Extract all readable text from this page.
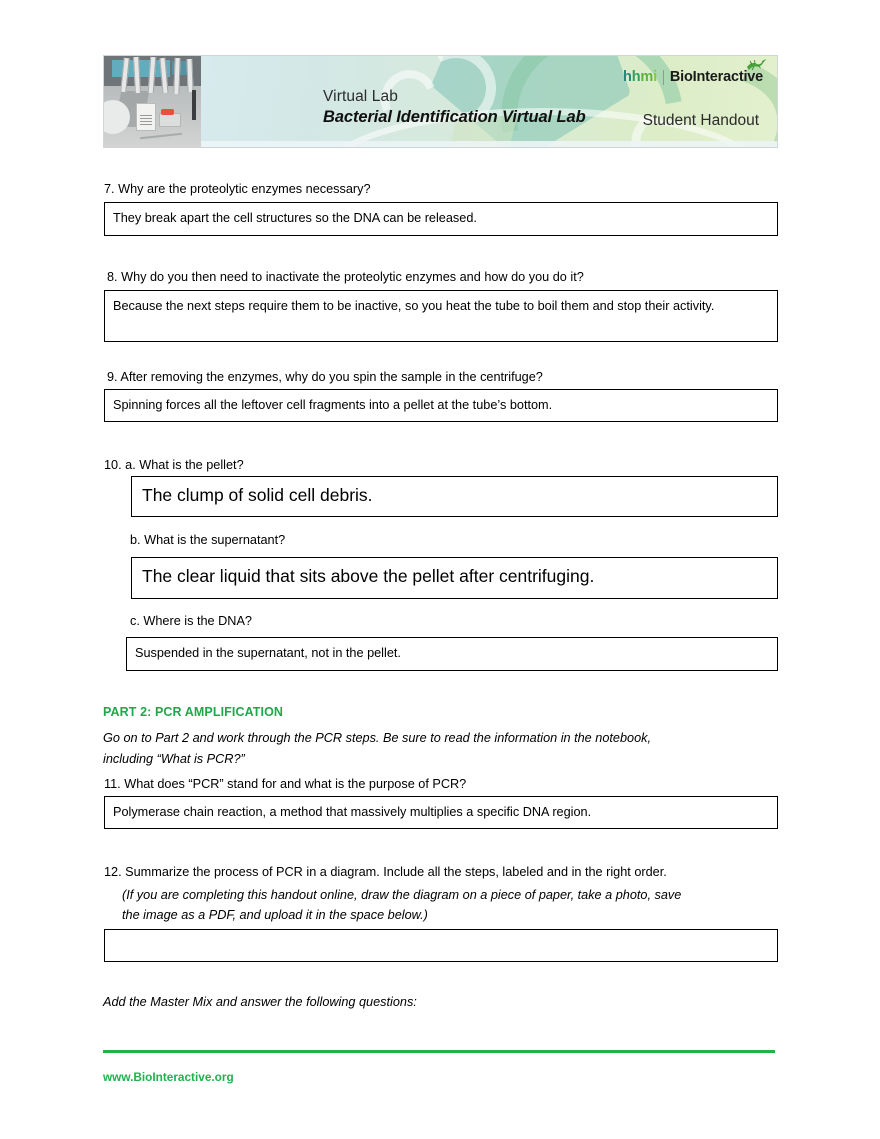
Virtual Lab
Bacterial Identification Virtual Lab	Student Handout
h h m i BioInteractive
7. Why are the proteolytic enzymes necessary?
They break apart the cell structures so the DNA can be released.
8. Why do you then need to inactivate the proteolytic enzymes and how do you do it?
Because the next steps require them to be inactive, so you heat the tube to boil them and stop their activity.
9. After removing the enzymes, why do you spin the sample in the centrifuge?
Spinning forces all the leftover cell fragments into a pellet at the tube’s bottom.
10. a. What is the pellet?
The clump of solid cell debris.
b. What is the supernatant?
The clear liquid that sits above the pellet after centrifuging.
c. Where is the DNA?
Suspended in the supernatant, not in the pellet.
PART 2: PCR AMPLIFICATION
Go on to Part 2 and work through the PCR steps. Be sure to read the information in the notebook,
including “What is PCR?”
11. What does “PCR” stand for and what is the purpose of PCR?
Polymerase chain reaction, a method that massively multiplies a specific DNA region.
12. Summarize the process of PCR in a diagram. Include all the steps, labeled and in the right order.
(If you are completing this handout online, draw the diagram on a piece of paper, take a photo, save
the image as a PDF, and upload it in the space below.)
Add the Master Mix and answer the following questions:
www.BioInteractive.org
